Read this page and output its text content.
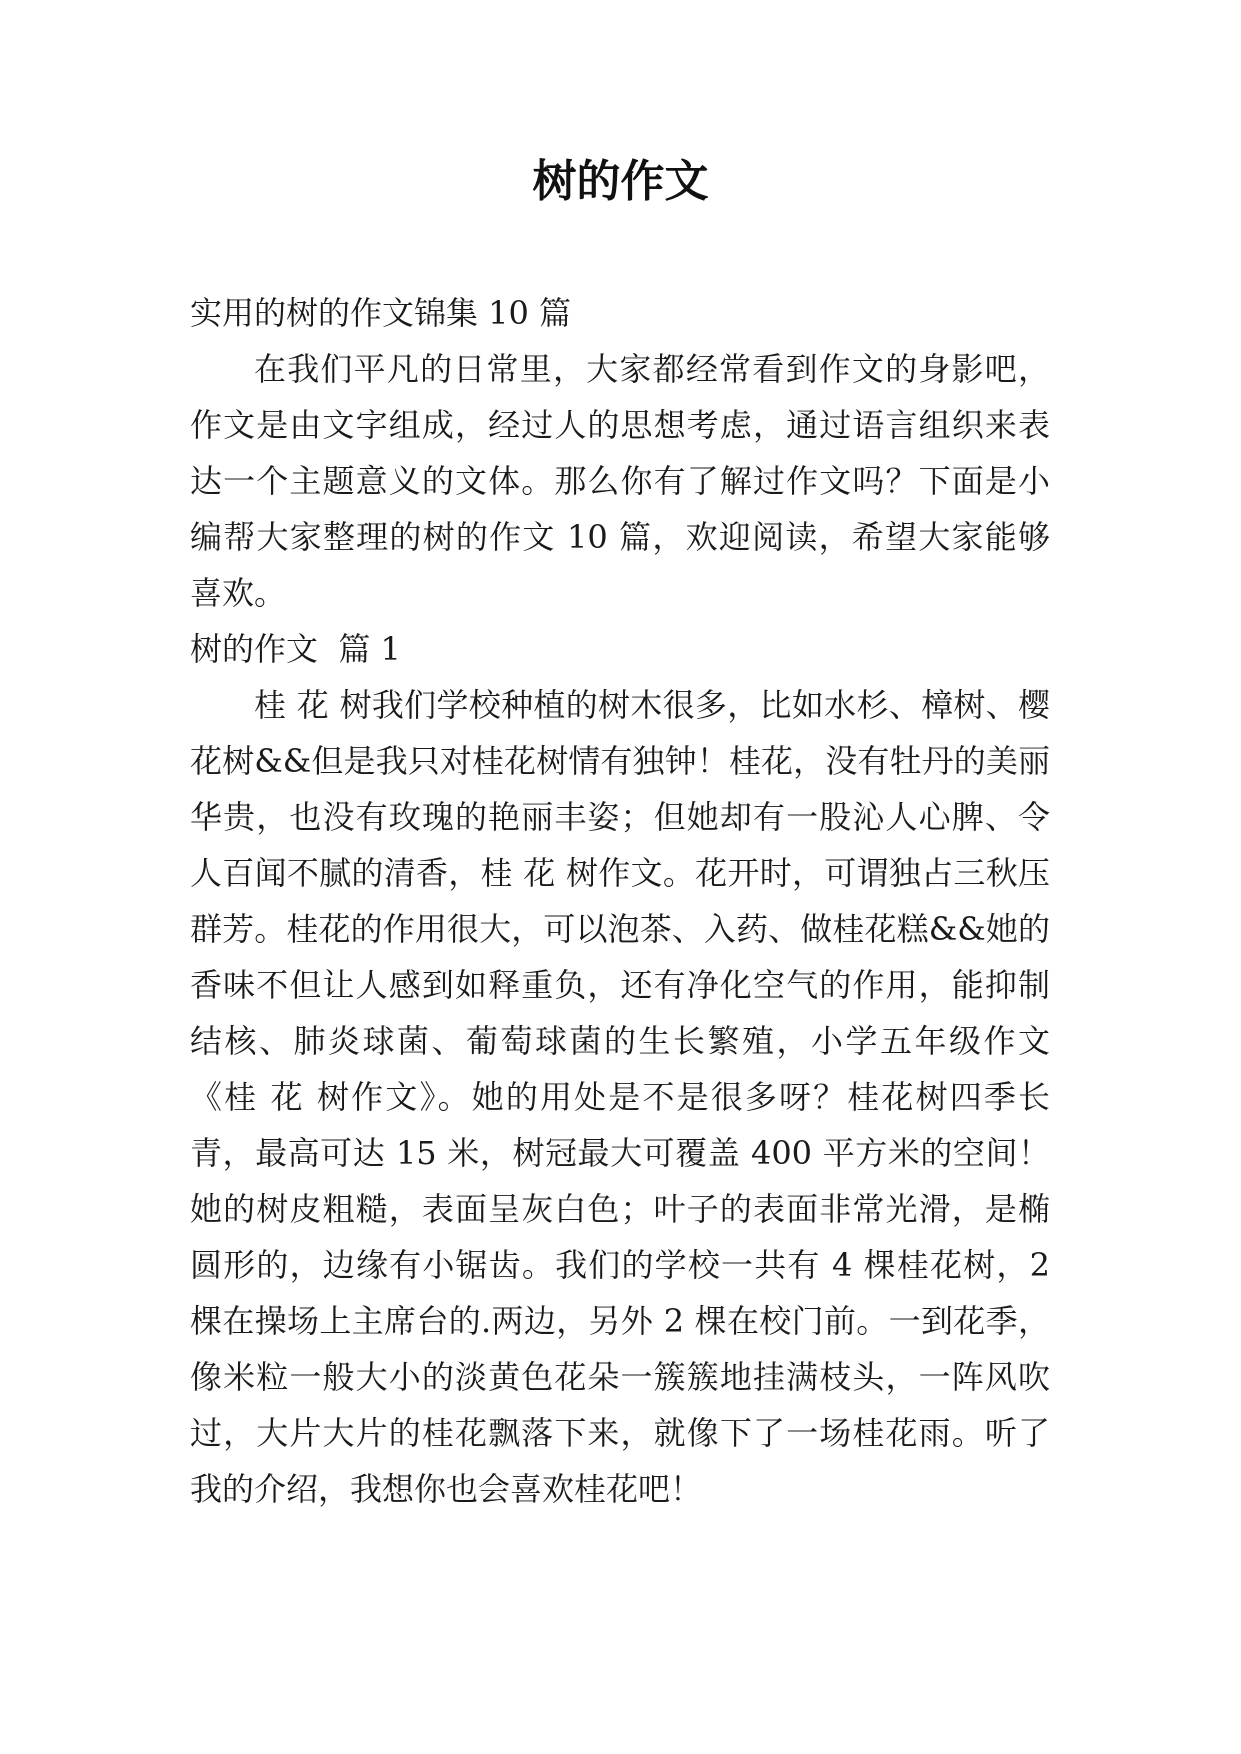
树的作文

实用的树的作文锦集 10 篇

在我们平凡的日常里，大家都经常看到作文的身影吧，作文是由文字组成，经过人的思想考虑，通过语言组织来表达一个主题意义的文体。那么你有了解过作文吗？下面是小编帮大家整理的树的作文 10 篇，欢迎阅读，希望大家能够喜欢。

树的作文  篇 1

桂 花 树我们学校种植的树木很多，比如水杉、樟树、樱花树&&但是我只对桂花树情有独钟！桂花，没有牡丹的美丽华贵，也没有玫瑰的艳丽丰姿；但她却有一股沁人心脾、令人百闻不腻的清香，桂 花 树作文。花开时，可谓独占三秋压群芳。桂花的作用很大，可以泡茶、入药、做桂花糕&&她的香味不但让人感到如释重负，还有净化空气的作用，能抑制结核、肺炎球菌、葡萄球菌的生长繁殖，小学五年级作文《桂 花 树作文》。她的用处是不是很多呀？桂花树四季长青，最高可达 15 米，树冠最大可覆盖 400 平方米的空间！她的树皮粗糙，表面呈灰白色；叶子的表面非常光滑，是椭圆形的，边缘有小锯齿。我们的学校一共有 4 棵桂花树，2 棵在操场上主席台的.两边，另外 2 棵在校门前。一到花季，像米粒一般大小的淡黄色花朵一簇簇地挂满枝头，一阵风吹过，大片大片的桂花飘落下来，就像下了一场桂花雨。听了我的介绍，我想你也会喜欢桂花吧！
